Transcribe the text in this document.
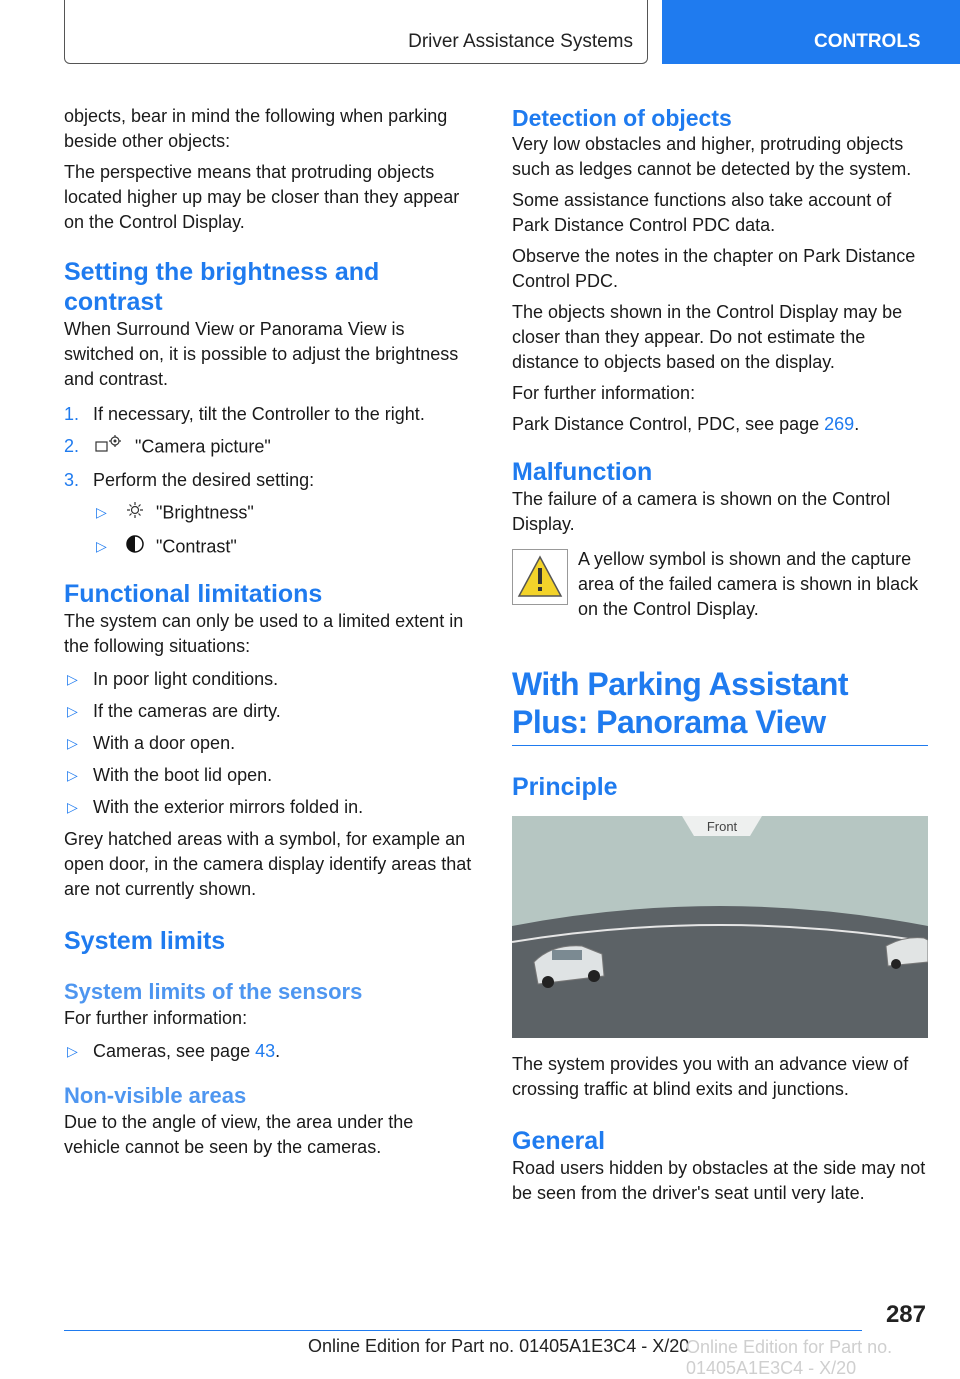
Driver Assistance Systems	CONTROLS

objects, bear in mind the following when parking beside other objects:

The perspective means that protruding objects located higher up may be closer than they appear on the Control Display.

Setting the brightness and contrast

When Surround View or Panorama View is switched on, it is possible to adjust the brightness and contrast.

1. If necessary, tilt the Controller to the right.
2.	"Camera picture"
3. Perform the desired setting:
▷	"Brightness"
▷	"Contrast"
Functional limitations

The system can only be used to a limited extent in the following situations:

▷ In poor light conditions.
▷ If the cameras are dirty.
▷ With a door open.
▷ With the boot lid open.
▷ With the exterior mirrors folded in.

Grey hatched areas with a symbol, for example an open door, in the camera display identify areas that are not currently shown.

System limits
System limits of the sensors

For further information:

▷ Cameras, see page 43.
Non-visible areas

Due to the angle of view, the area under the vehicle cannot be seen by the cameras.

Detection of objects

Very low obstacles and higher, protruding objects such as ledges cannot be detected by the system.

Some assistance functions also take account of Park Distance Control PDC data.

Observe the notes in the chapter on Park Distance Control PDC.

The objects shown in the Control Display may be closer than they appear. Do not estimate the distance to objects based on the display.

For further information:

Park Distance Control, PDC, see page 269.

Malfunction

The failure of a camera is shown on the Control Display.

A yellow symbol is shown and the capture area of the failed camera is shown in black on the Control Display.

With Parking Assistant Plus: Panorama View
Principle
Front

The system provides you with an advance view of crossing traffic at blind exits and junctions.

General

Road users hidden by obstacles at the side may not be seen from the driver's seat until very late.

287
Online Edition for Part no. 01405A1E3C4 - X/20
Online Edition for Part no. 01405A1E3C4 - X/20
